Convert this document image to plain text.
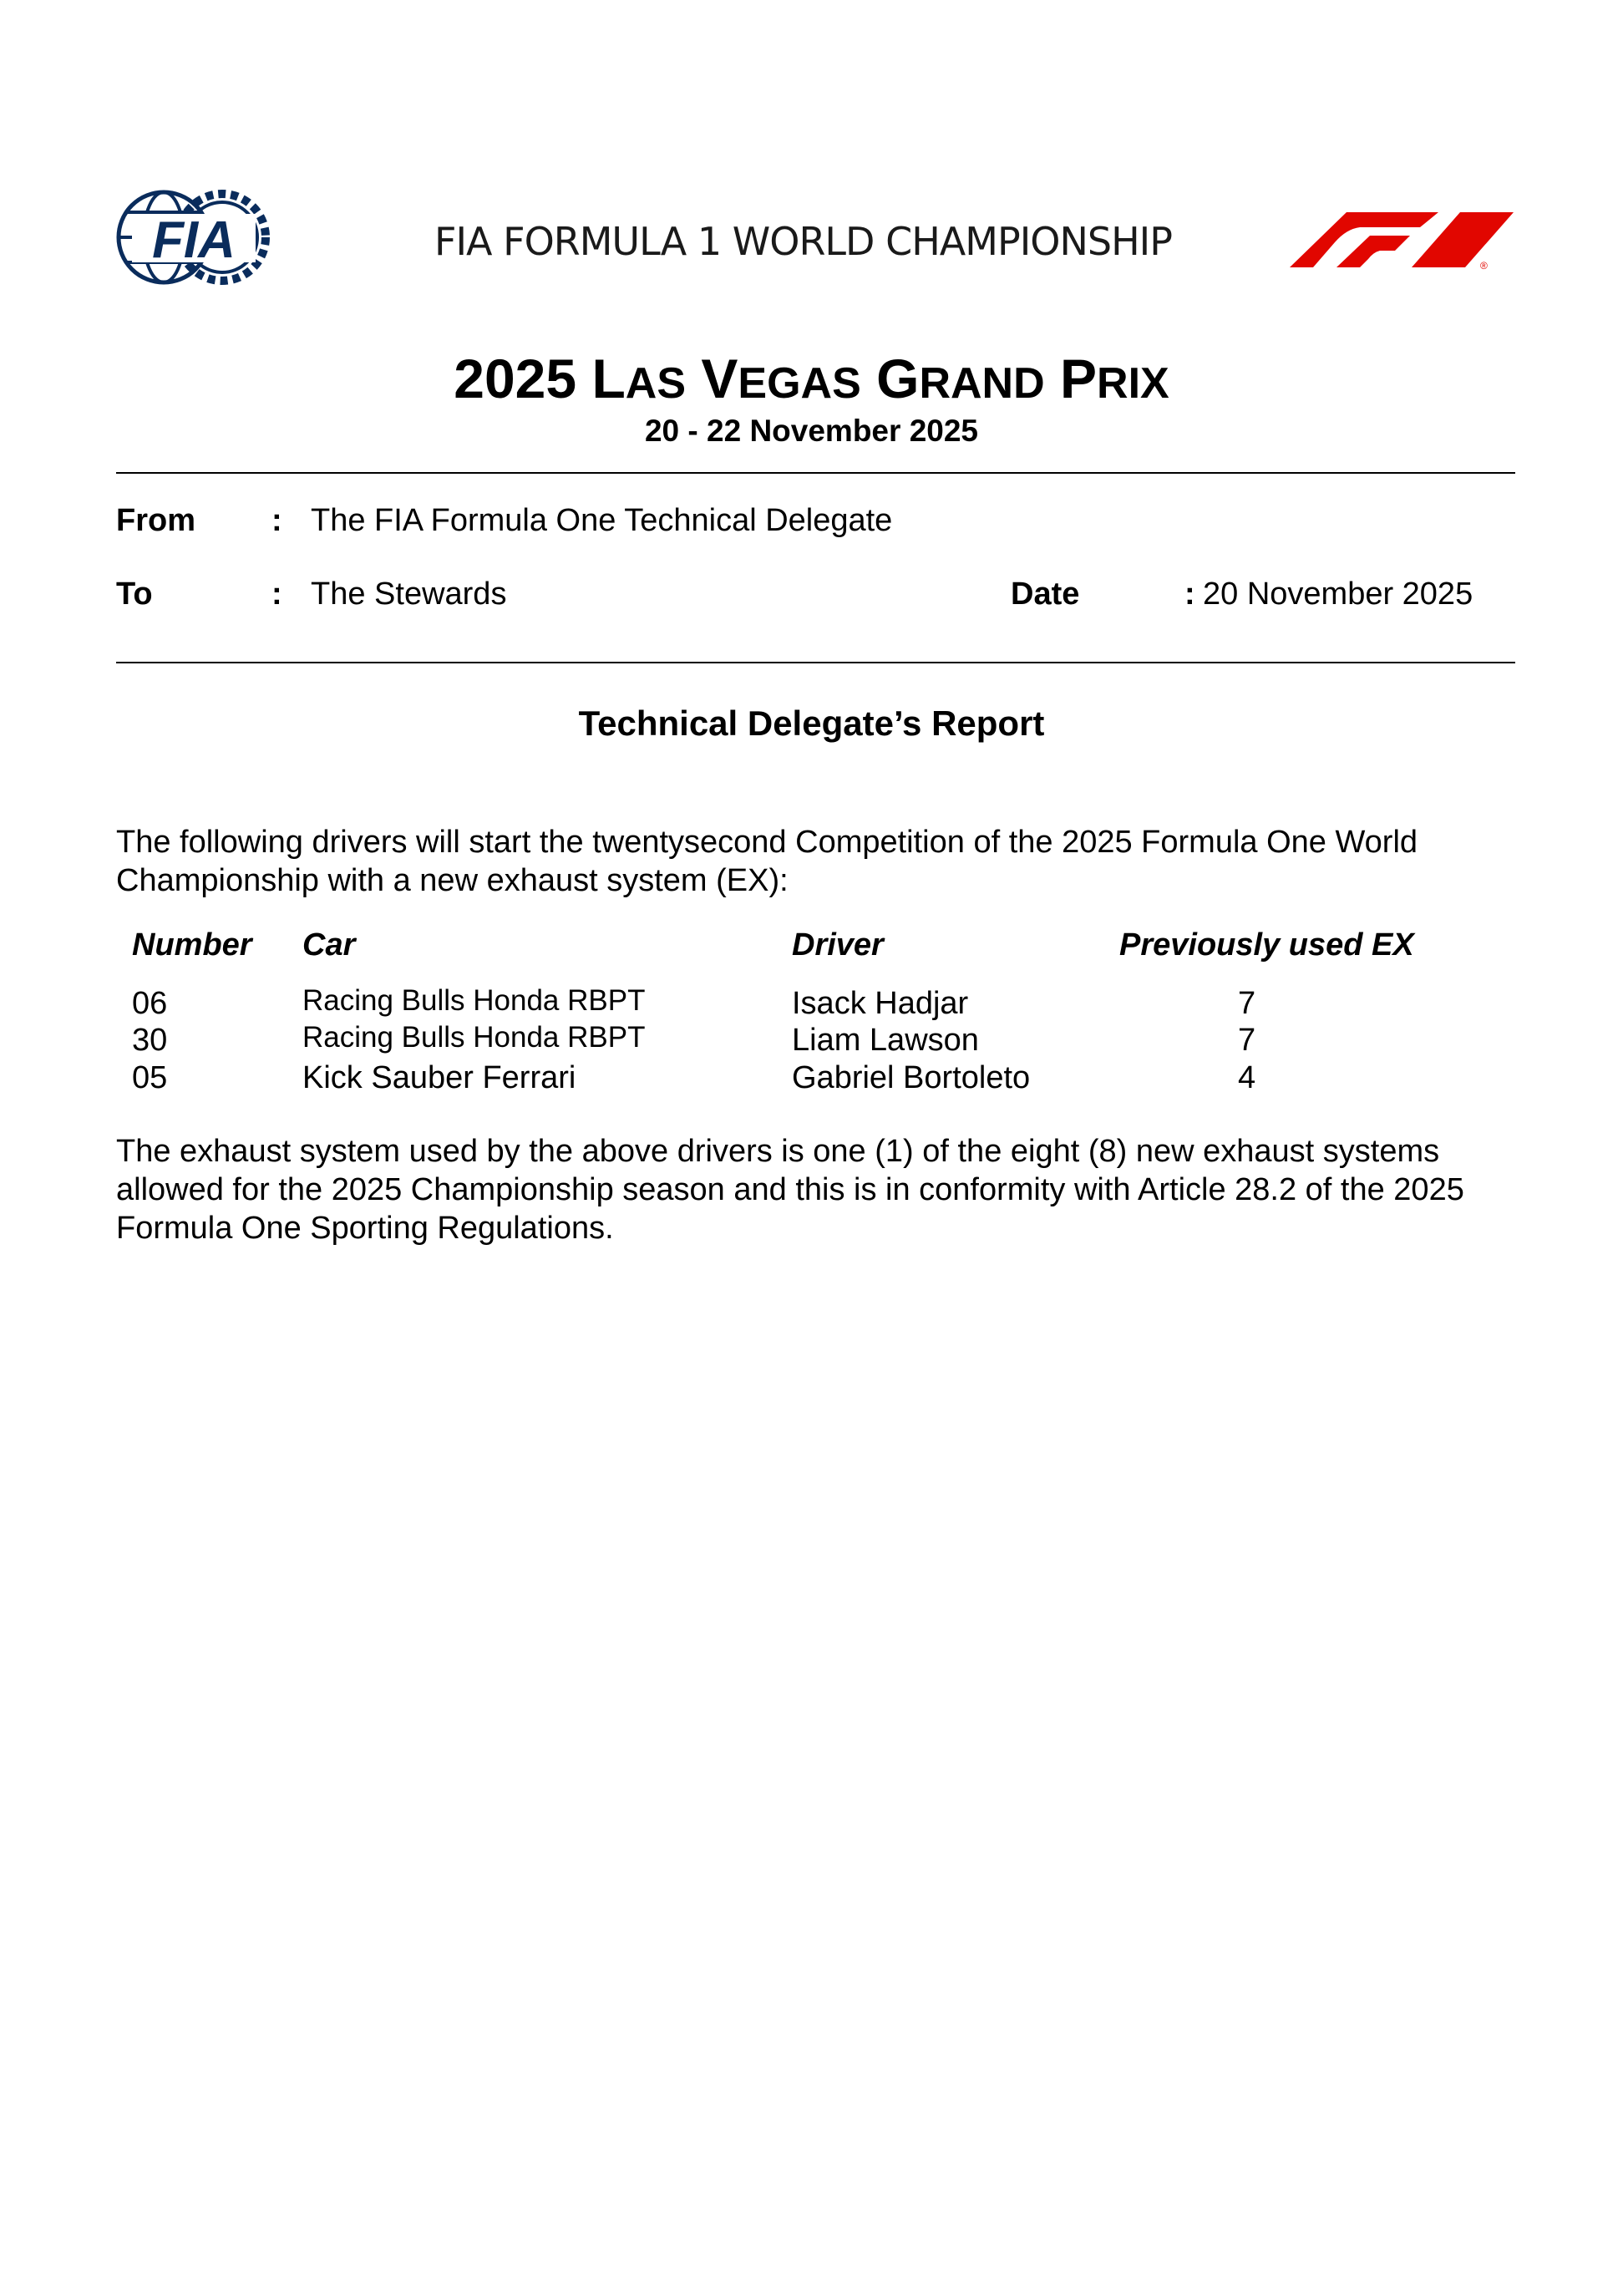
FIA	FIA FORMULA 1 WORLD CHAMPIONSHIP
®
2025 LAS VEGAS GRAND PRIX
20 - 22 November 2025
From : The FIA Formula One Technical Delegate
To	: The Stewards	Date	: 20 November 2025
Technical Delegate’s Report
The following drivers will start the twentysecond Competition of the 2025 Formula One World Championship with a new exhaust system (EX):
Number Car	Driver	Previously used EX
06	Racing Bulls Honda RBPT	Isack Hadjar	7
30	Racing Bulls Honda RBPT	Liam Lawson	7
05	Kick Sauber Ferrari	Gabriel Bortoleto	4
The exhaust system used by the above drivers is one (1) of the eight (8) new exhaust systems allowed for the 2025 Championship season and this is in conformity with Article 28.2 of the 2025 Formula One Sporting Regulations.
